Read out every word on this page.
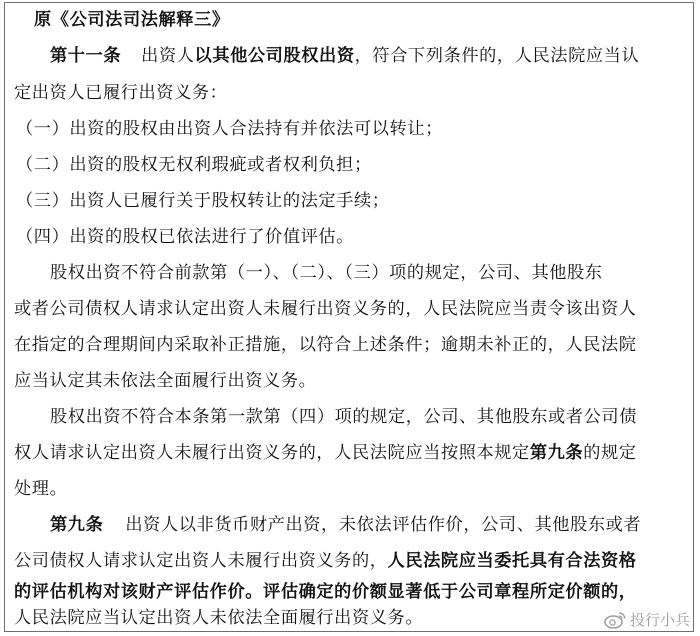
原《公司法司法解释三》
第十一条 出资人以其他公司股权出资，符合下列条件的，人民法院应当认
定出资人已履行出资义务：
（一）出资的股权由出资人合法持有并依法可以转让；
（二）出资的股权无权利瑕疵或者权利负担；
（三）出资人已履行关于股权转让的法定手续；
（四）出资的股权已依法进行了价值评估。
股权出资不符合前款第（一）、（二）、（三）项的规定，公司、其他股东
或者公司债权人请求认定出资人未履行出资义务的，人民法院应当责令该出资人
在指定的合理期间内采取补正措施，以符合上述条件；逾期未补正的，人民法院
应当认定其未依法全面履行出资义务。
股权出资不符合本条第一款第（四）项的规定，公司、其他股东或者公司债
权人请求认定出资人未履行出资义务的，人民法院应当按照本规定第九条的规定
处理。
第九条 出资人以非货币财产出资，未依法评估作价，公司、其他股东或者
公司债权人请求认定出资人未履行出资义务的，人民法院应当委托具有合法资格
的评估机构对该财产评估作价。评估确定的价额显著低于公司章程所定价额的，
人民法院应当认定出资人未依法全面履行出资义务。	投行小兵
